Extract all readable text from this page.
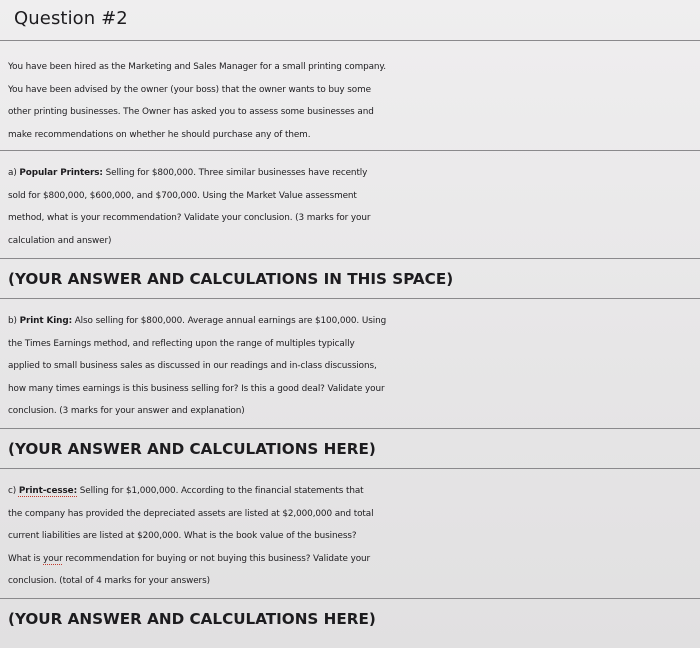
Question #2
You have been hired as the Marketing and Sales Manager for a small printing company.
You have been advised by the owner (your boss) that the owner wants to buy some
other printing businesses. The Owner has asked you to assess some businesses and
make recommendations on whether he should purchase any of them.
a) Popular Printers: Selling for $800,000. Three similar businesses have recently
sold for $800,000, $600,000, and $700,000. Using the Market Value assessment
method, what is your recommendation? Validate your conclusion. (3 marks for your
calculation and answer)
(YOUR ANSWER AND CALCULATIONS IN THIS SPACE)
b) Print King: Also selling for $800,000. Average annual earnings are $100,000. Using
the Times Earnings method, and reflecting upon the range of multiples typically
applied to small business sales as discussed in our readings and in-class discussions,
how many times earnings is this business selling for? Is this a good deal? Validate your
conclusion. (3 marks for your answer and explanation)
(YOUR ANSWER AND CALCULATIONS HERE)
c) Print-cesse: Selling for $1,000,000. According to the financial statements that
the company has provided the depreciated assets are listed at $2,000,000 and total
current liabilities are listed at $200,000. What is the book value of the business?
What is your recommendation for buying or not buying this business? Validate your
conclusion. (total of 4 marks for your answers)
(YOUR ANSWER AND CALCULATIONS HERE)
